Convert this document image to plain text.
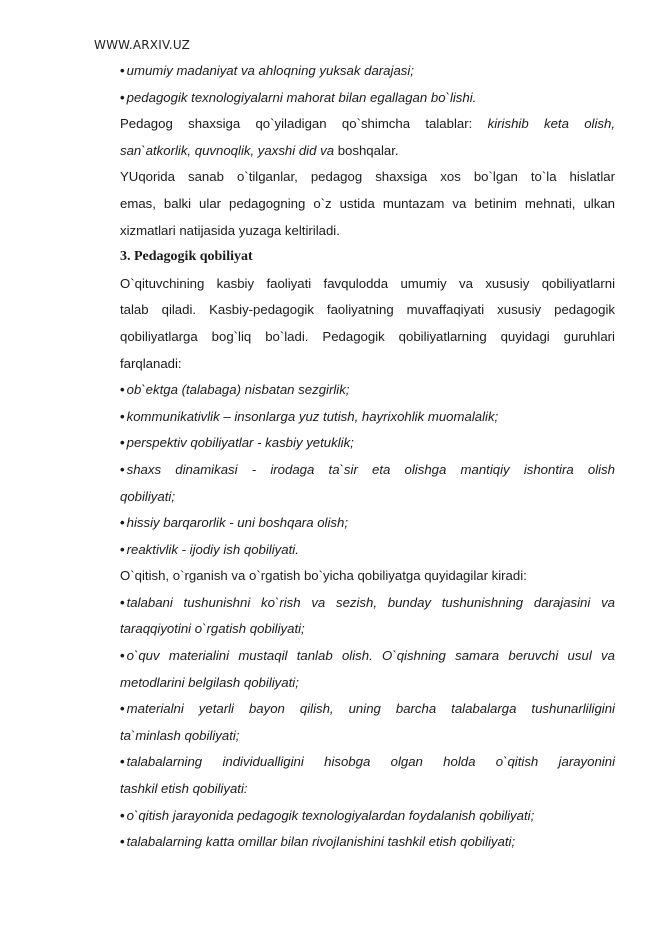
WWW.ARXIV.UZ

• umumiy madaniyat va ahloqning yuksak darajasi;

• pedagogik texnologiyalarni mahorat bilan egallagan bo`lishi.

Pedagog shaxsiga qo`yiladigan qo`shimcha talablar: kirishib keta olish,

san`atkorlik, quvnoqlik, yaxshi did va boshqalar.

YUqorida sanab o`tilganlar, pedagog shaxsiga xos bo`lgan to`la hislatlar

emas, balki ular pedagogning o`z ustida muntazam va betinim mehnati, ulkan

xizmatlari natijasida yuzaga keltiriladi.

3. Pedagogik qobiliyat

O`qituvchining kasbiy faoliyati favqulodda umumiy va xususiy qobiliyatlarni

talab qiladi. Kasbiy-pedagogik faoliyatning muvaffaqiyati xususiy pedagogik

qobiliyatlarga bog`liq bo`ladi. Pedagogik qobiliyatlarning quyidagi guruhlari

farqlanadi:

• ob`ektga (talabaga) nisbatan sezgirlik;

• kommunikativlik – insonlarga yuz tutish, hayrixohlik muomalalik;

• perspektiv qobiliyatlar - kasbiy yetuklik;

• shaxs dinamikasi - irodaga ta`sir eta olishga mantiqiy ishontira olish

qobiliyati;

• hissiy barqarorlik - uni boshqara olish;

• reaktivlik - ijodiy ish qobiliyati.

O`qitish, o`rganish va o`rgatish bo`yicha qobiliyatga quyidagilar kiradi:

• talabani tushunishni ko`rish va sezish, bunday tushunishning darajasini va

taraqqiyotini o`rgatish qobiliyati;

• o`quv materialini mustaqil tanlab olish. O`qishning samara beruvchi usul va

metodlarini belgilash qobiliyati;

• materialni yetarli bayon qilish, uning barcha talabalarga tushunarliligini

ta`minlash qobiliyati;

• talabalarning individualligini hisobga olgan holda o`qitish jarayonini

tashkil etish qobiliyati:

• o`qitish jarayonida pedagogik texnologiyalardan foydalanish qobiliyati;

• talabalarning katta omillar bilan rivojlanishini tashkil etish qobiliyati;
